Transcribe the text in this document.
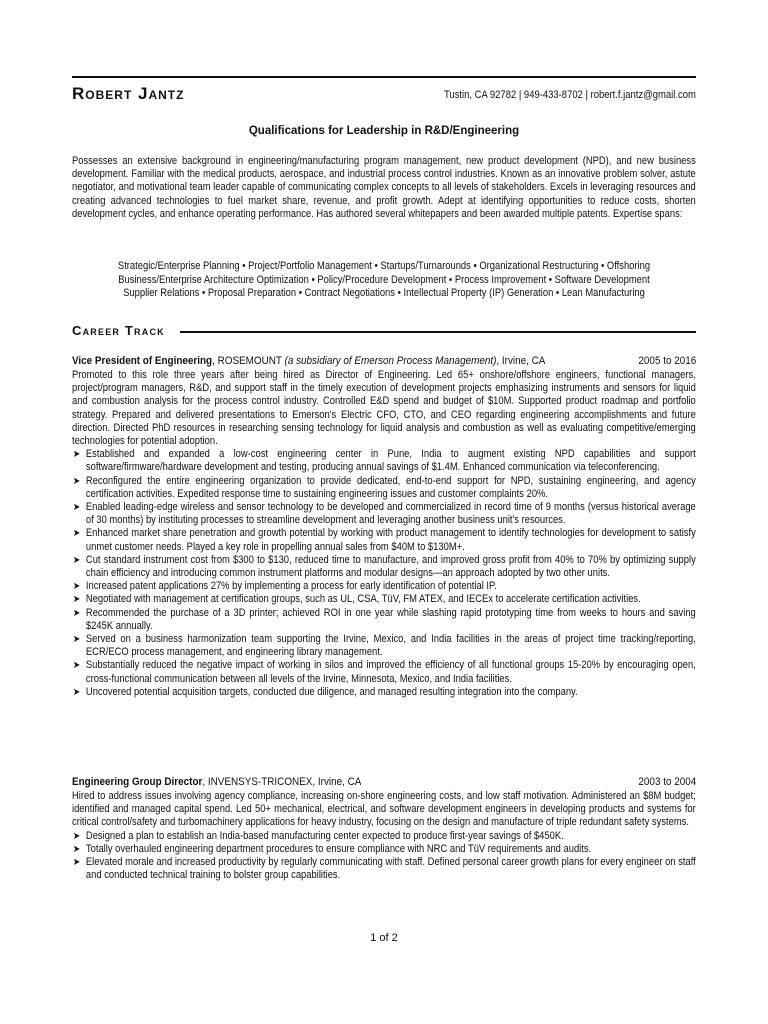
Robert Jantz	Tustin, CA 92782 | 949-433-8702 | robert.f.jantz@gmail.com
Qualifications for Leadership in R&D/Engineering
Possesses an extensive background in engineering/manufacturing program management, new product development (NPD), and new business development. Familiar with the medical products, aerospace, and industrial process control industries. Known as an innovative problem solver, astute negotiator, and motivational team leader capable of communicating complex concepts to all levels of stakeholders. Excels in leveraging resources and creating advanced technologies to fuel market share, revenue, and profit growth. Adept at identifying opportunities to reduce costs, shorten development cycles, and enhance operating performance. Has authored several whitepapers and been awarded multiple patents. Expertise spans:
Strategic/Enterprise Planning • Project/Portfolio Management • Startups/Turnarounds • Organizational Restructuring • Offshoring
Business/Enterprise Architecture Optimization • Policy/Procedure Development • Process Improvement • Software Development
Supplier Relations • Proposal Preparation • Contract Negotiations • Intellectual Property (IP) Generation • Lean Manufacturing
Career Track
Vice President of Engineering, ROSEMOUNT (a subsidiary of Emerson Process Management), Irvine, CA	2005 to 2016
Promoted to this role three years after being hired as Director of Engineering. Led 65+ onshore/offshore engineers, functional managers, project/program managers, R&D, and support staff in the timely execution of development projects emphasizing instruments and sensors for liquid and combustion analysis for the process control industry. Controlled E&D spend and budget of $10M. Supported product roadmap and portfolio strategy. Prepared and delivered presentations to Emerson's Electric CFO, CTO, and CEO regarding engineering accomplishments and future direction. Directed PhD resources in researching sensing technology for liquid analysis and combustion as well as evaluating competitive/emerging technologies for potential adoption.
➤ Established and expanded a low-cost engineering center in Pune, India to augment existing NPD capabilities and support software/firmware/hardware development and testing, producing annual savings of $1.4M. Enhanced communication via teleconferencing.
➤ Reconfigured the entire engineering organization to provide dedicated, end-to-end support for NPD, sustaining engineering, and agency certification activities. Expedited response time to sustaining engineering issues and customer complaints 20%.
➤ Enabled leading-edge wireless and sensor technology to be developed and commercialized in record time of 9 months (versus historical average of 30 months) by instituting processes to streamline development and leveraging another business unit's resources.
➤ Enhanced market share penetration and growth potential by working with product management to identify technologies for development to satisfy unmet customer needs. Played a key role in propelling annual sales from $40M to $130M+.
➤ Cut standard instrument cost from $300 to $130, reduced time to manufacture, and improved gross profit from 40% to 70% by optimizing supply chain efficiency and introducing common instrument platforms and modular designs—an approach adopted by two other units.
➤ Increased patent applications 27% by implementing a process for early identification of potential IP.
➤ Negotiated with management at certification groups, such as UL, CSA, TüV, FM ATEX, and IECEx to accelerate certification activities.
➤ Recommended the purchase of a 3D printer; achieved ROI in one year while slashing rapid prototyping time from weeks to hours and saving $245K annually.
➤ Served on a business harmonization team supporting the Irvine, Mexico, and India facilities in the areas of project time tracking/reporting, ECR/ECO process management, and engineering library management.
➤ Substantially reduced the negative impact of working in silos and improved the efficiency of all functional groups 15-20% by encouraging open, cross-functional communication between all levels of the Irvine, Minnesota, Mexico, and India facilities.
➤ Uncovered potential acquisition targets, conducted due diligence, and managed resulting integration into the company.
Engineering Group Director, INVENSYS-TRICONEX, Irvine, CA	2003 to 2004
Hired to address issues involving agency compliance, increasing on-shore engineering costs, and low staff motivation. Administered an $8M budget; identified and managed capital spend. Led 50+ mechanical, electrical, and software development engineers in developing products and systems for critical control/safety and turbomachinery applications for heavy industry, focusing on the design and manufacture of triple redundant safety systems.
➤ Designed a plan to establish an India-based manufacturing center expected to produce first-year savings of $450K.
➤ Totally overhauled engineering department procedures to ensure compliance with NRC and TüV requirements and audits.
➤ Elevated morale and increased productivity by regularly communicating with staff. Defined personal career growth plans for every engineer on staff and conducted technical training to bolster group capabilities.
1 of 2
